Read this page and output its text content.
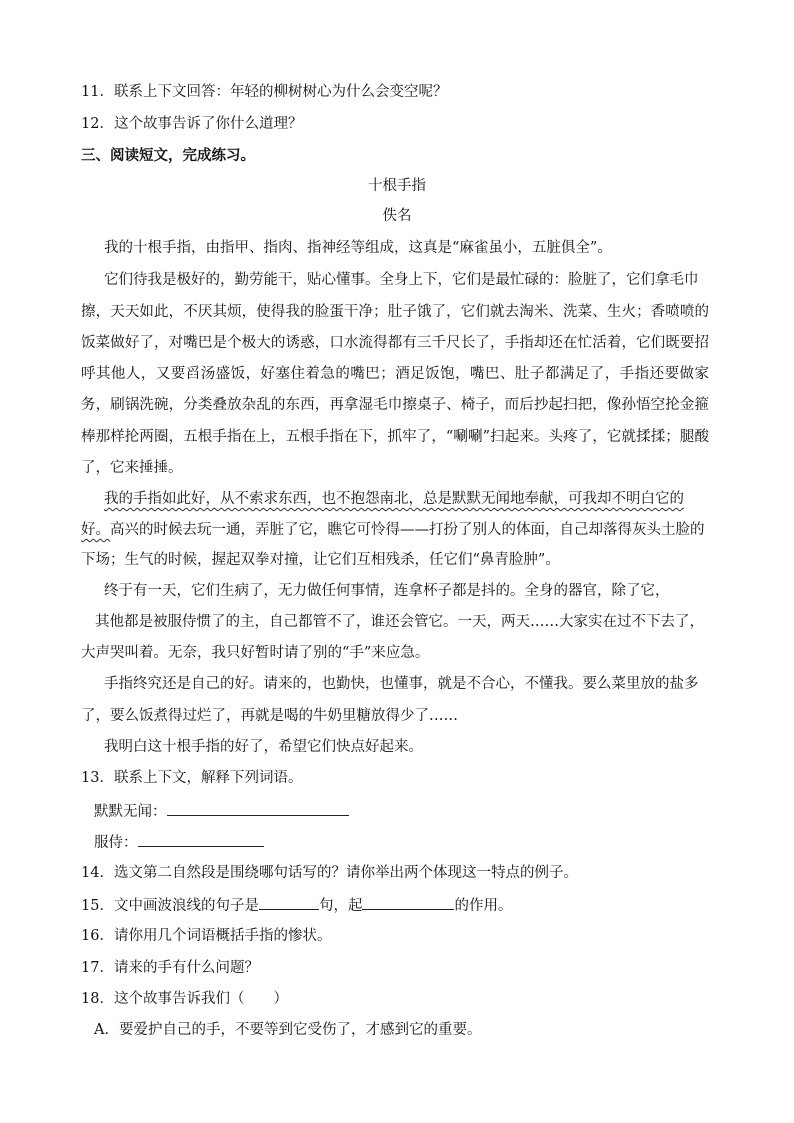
11．联系上下文回答：年轻的柳树树心为什么会变空呢？
12．这个故事告诉了你什么道理？
三、阅读短文，完成练习。
十根手指
佚名
我的十根手指，由指甲、指肉、指神经等组成，这真是“麻雀虽小，五脏俱全”。
它们待我是极好的，勤劳能干，贴心懂事。全身上下，它们是最忙碌的：脸脏了，它们拿毛巾
擦，天天如此，不厌其烦，使得我的脸蛋干净；肚子饿了，它们就去淘米、洗菜、生火；香喷喷的
饭菜做好了，对嘴巴是个极大的诱惑，口水流得都有三千尺长了，手指却还在忙活着，它们既要招
呼其他人，又要舀汤盛饭，好塞住着急的嘴巴；酒足饭饱，嘴巴、肚子都满足了，手指还要做家
务，刷锅洗碗，分类叠放杂乱的东西，再拿湿毛巾擦桌子、椅子，而后抄起扫把，像孙悟空抡金箍
棒那样抡两圈，五根手指在上，五根手指在下，抓牢了，“唰唰”扫起来。头疼了，它就揉揉；腿酸
了，它来捶捶。
我的手指如此好，从不索求东西，也不抱怨南北，总是默默无闻地奉献，可我却不明白它的
好。高兴的时候去玩一通，弄脏了它，瞧它可怜得——打扮了别人的体面，自己却落得灰头土脸的
下场；生气的时候，握起双拳对撞，让它们互相残杀，任它们“鼻青脸肿”。
终于有一天，它们生病了，无力做任何事情，连拿杯子都是抖的。全身的器官，除了它，
其他都是被服侍惯了的主，自己都管不了，谁还会管它。一天，两天……大家实在过不下去了，
大声哭叫着。无奈，我只好暂时请了别的“手”来应急。
手指终究还是自己的好。请来的，也勤快，也懂事，就是不合心，不懂我。要么菜里放的盐多
了，要么饭煮得过烂了，再就是喝的牛奶里糖放得少了……
我明白这十根手指的好了，希望它们快点好起来。
13．联系上下文，解释下列词语。
默默无闻：
服侍：
14．选文第二自然段是围绕哪句话写的？请你举出两个体现这一特点的例子。
15．文中画波浪线的句子是	句，起	的作用。
16．请你用几个词语概括手指的惨状。
17．请来的手有什么问题？
18．这个故事告诉我们（　　）
A．要爱护自己的手，不要等到它受伤了，才感到它的重要。
